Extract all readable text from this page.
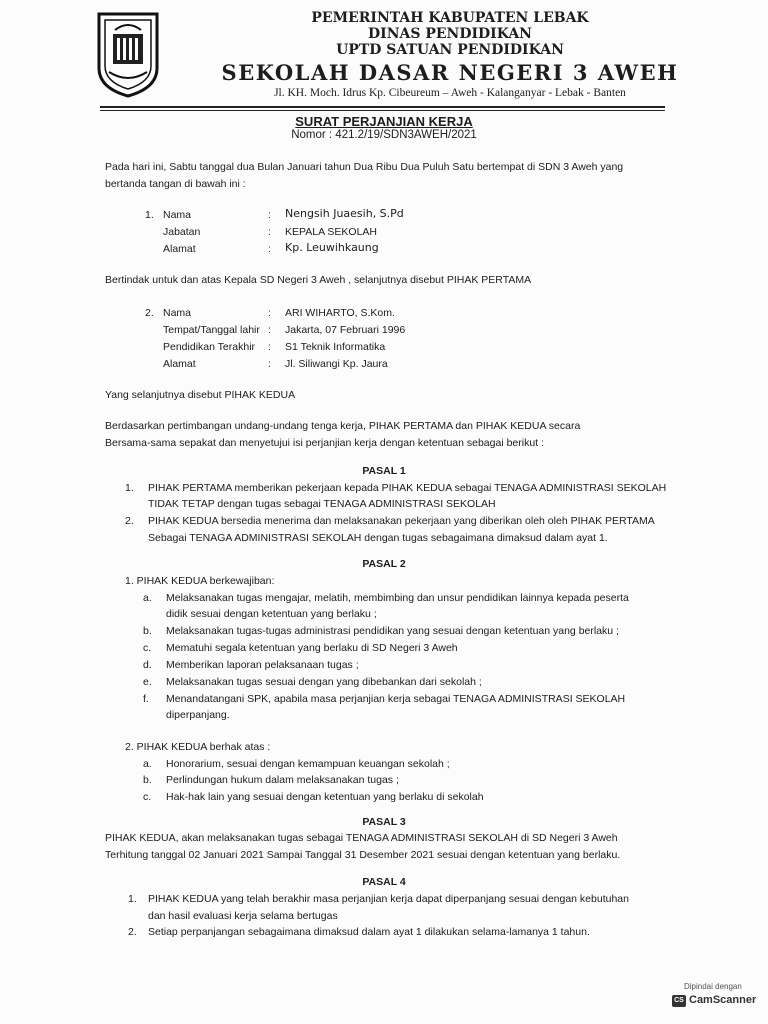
PEMERINTAH KABUPATEN LEBAK
DINAS PENDIDIKAN
UPTD SATUAN PENDIDIKAN
SEKOLAH DASAR NEGERI 3 AWEH
Jl. KH. Moch. Idrus Kp. Cibeureum – Aweh - Kalanganyar - Lebak - Banten
SURAT PERJANJIAN KERJA
Nomor : 421.2/19/SDN3AWEH/2021
Pada hari ini, Sabtu tanggal dua Bulan Januari tahun Dua Ribu Dua Puluh Satu bertempat di SDN 3 Aweh yang
bertanda tangan di bawah ini :
1. Nama	: Nengsih Juaesih, S.Pd
Jabatan	: KEPALA SEKOLAH
Alamat	: Kp. Leuwihkaung
Bertindak untuk dan atas Kepala SD Negeri 3 Aweh , selanjutnya disebut PIHAK PERTAMA
2. Nama	: ARI WIHARTO, S.Kom.
Tempat/Tanggal lahir : Jakarta, 07 Februari 1996
Pendidikan Terakhir : S1 Teknik Informatika
Alamat	: Jl. Siliwangi Kp. Jaura
Yang selanjutnya disebut PIHAK KEDUA
Berdasarkan pertimbangan undang-undang tenga kerja, PIHAK PERTAMA dan PIHAK KEDUA secara
Bersama-sama sepakat dan menyetujui isi perjanjian kerja dengan ketentuan sebagai berikut :
PASAL 1
1. PIHAK PERTAMA memberikan pekerjaan kepada PIHAK KEDUA sebagai TENAGA ADMINISTRASI SEKOLAH
TIDAK TETAP dengan tugas sebagai TENAGA ADMINISTRASI SEKOLAH
2. PIHAK KEDUA bersedia menerima dan melaksanakan pekerjaan yang diberikan oleh oleh PIHAK PERTAMA
Sebagai TENAGA ADMINISTRASI SEKOLAH dengan tugas sebagaimana dimaksud dalam ayat 1.
PASAL 2
1. PIHAK KEDUA berkewajiban:
a. Melaksanakan tugas mengajar, melatih, membimbing dan unsur pendidikan lainnya kepada peserta
didik sesuai dengan ketentuan yang berlaku ;
b. Melaksanakan tugas-tugas administrasi pendidikan yang sesuai dengan ketentuan yang berlaku ;
c. Mematuhi segala ketentuan yang berlaku di SD Negeri 3 Aweh
d. Memberikan laporan pelaksanaan tugas ;
e. Melaksanakan tugas sesuai dengan yang dibebankan dari sekolah ;
f. Menandatangani SPK, apabila masa perjanjian kerja sebagai TENAGA ADMINISTRASI SEKOLAH
diperpanjang.
2. PIHAK KEDUA berhak atas :
a. Honorarium, sesuai dengan kemampuan keuangan sekolah ;
b. Perlindungan hukum dalam melaksanakan tugas ;
c. Hak-hak lain yang sesuai dengan ketentuan yang berlaku di sekolah
PASAL 3
PIHAK KEDUA, akan melaksanakan tugas sebagai TENAGA ADMINISTRASI SEKOLAH di SD Negeri 3 Aweh
Terhitung tanggal 02 Januari 2021 Sampai Tanggal 31 Desember 2021 sesuai dengan ketentuan yang berlaku.
PASAL 4
1. PIHAK KEDUA yang telah berakhir masa perjanjian kerja dapat diperpanjang sesuai dengan kebutuhan
dan hasil evaluasi kerja selama bertugas
2. Setiap perpanjangan sebagaimana dimaksud dalam ayat 1 dilakukan selama-lamanya 1 tahun.
Dipindai dengan
CS CamScanner
